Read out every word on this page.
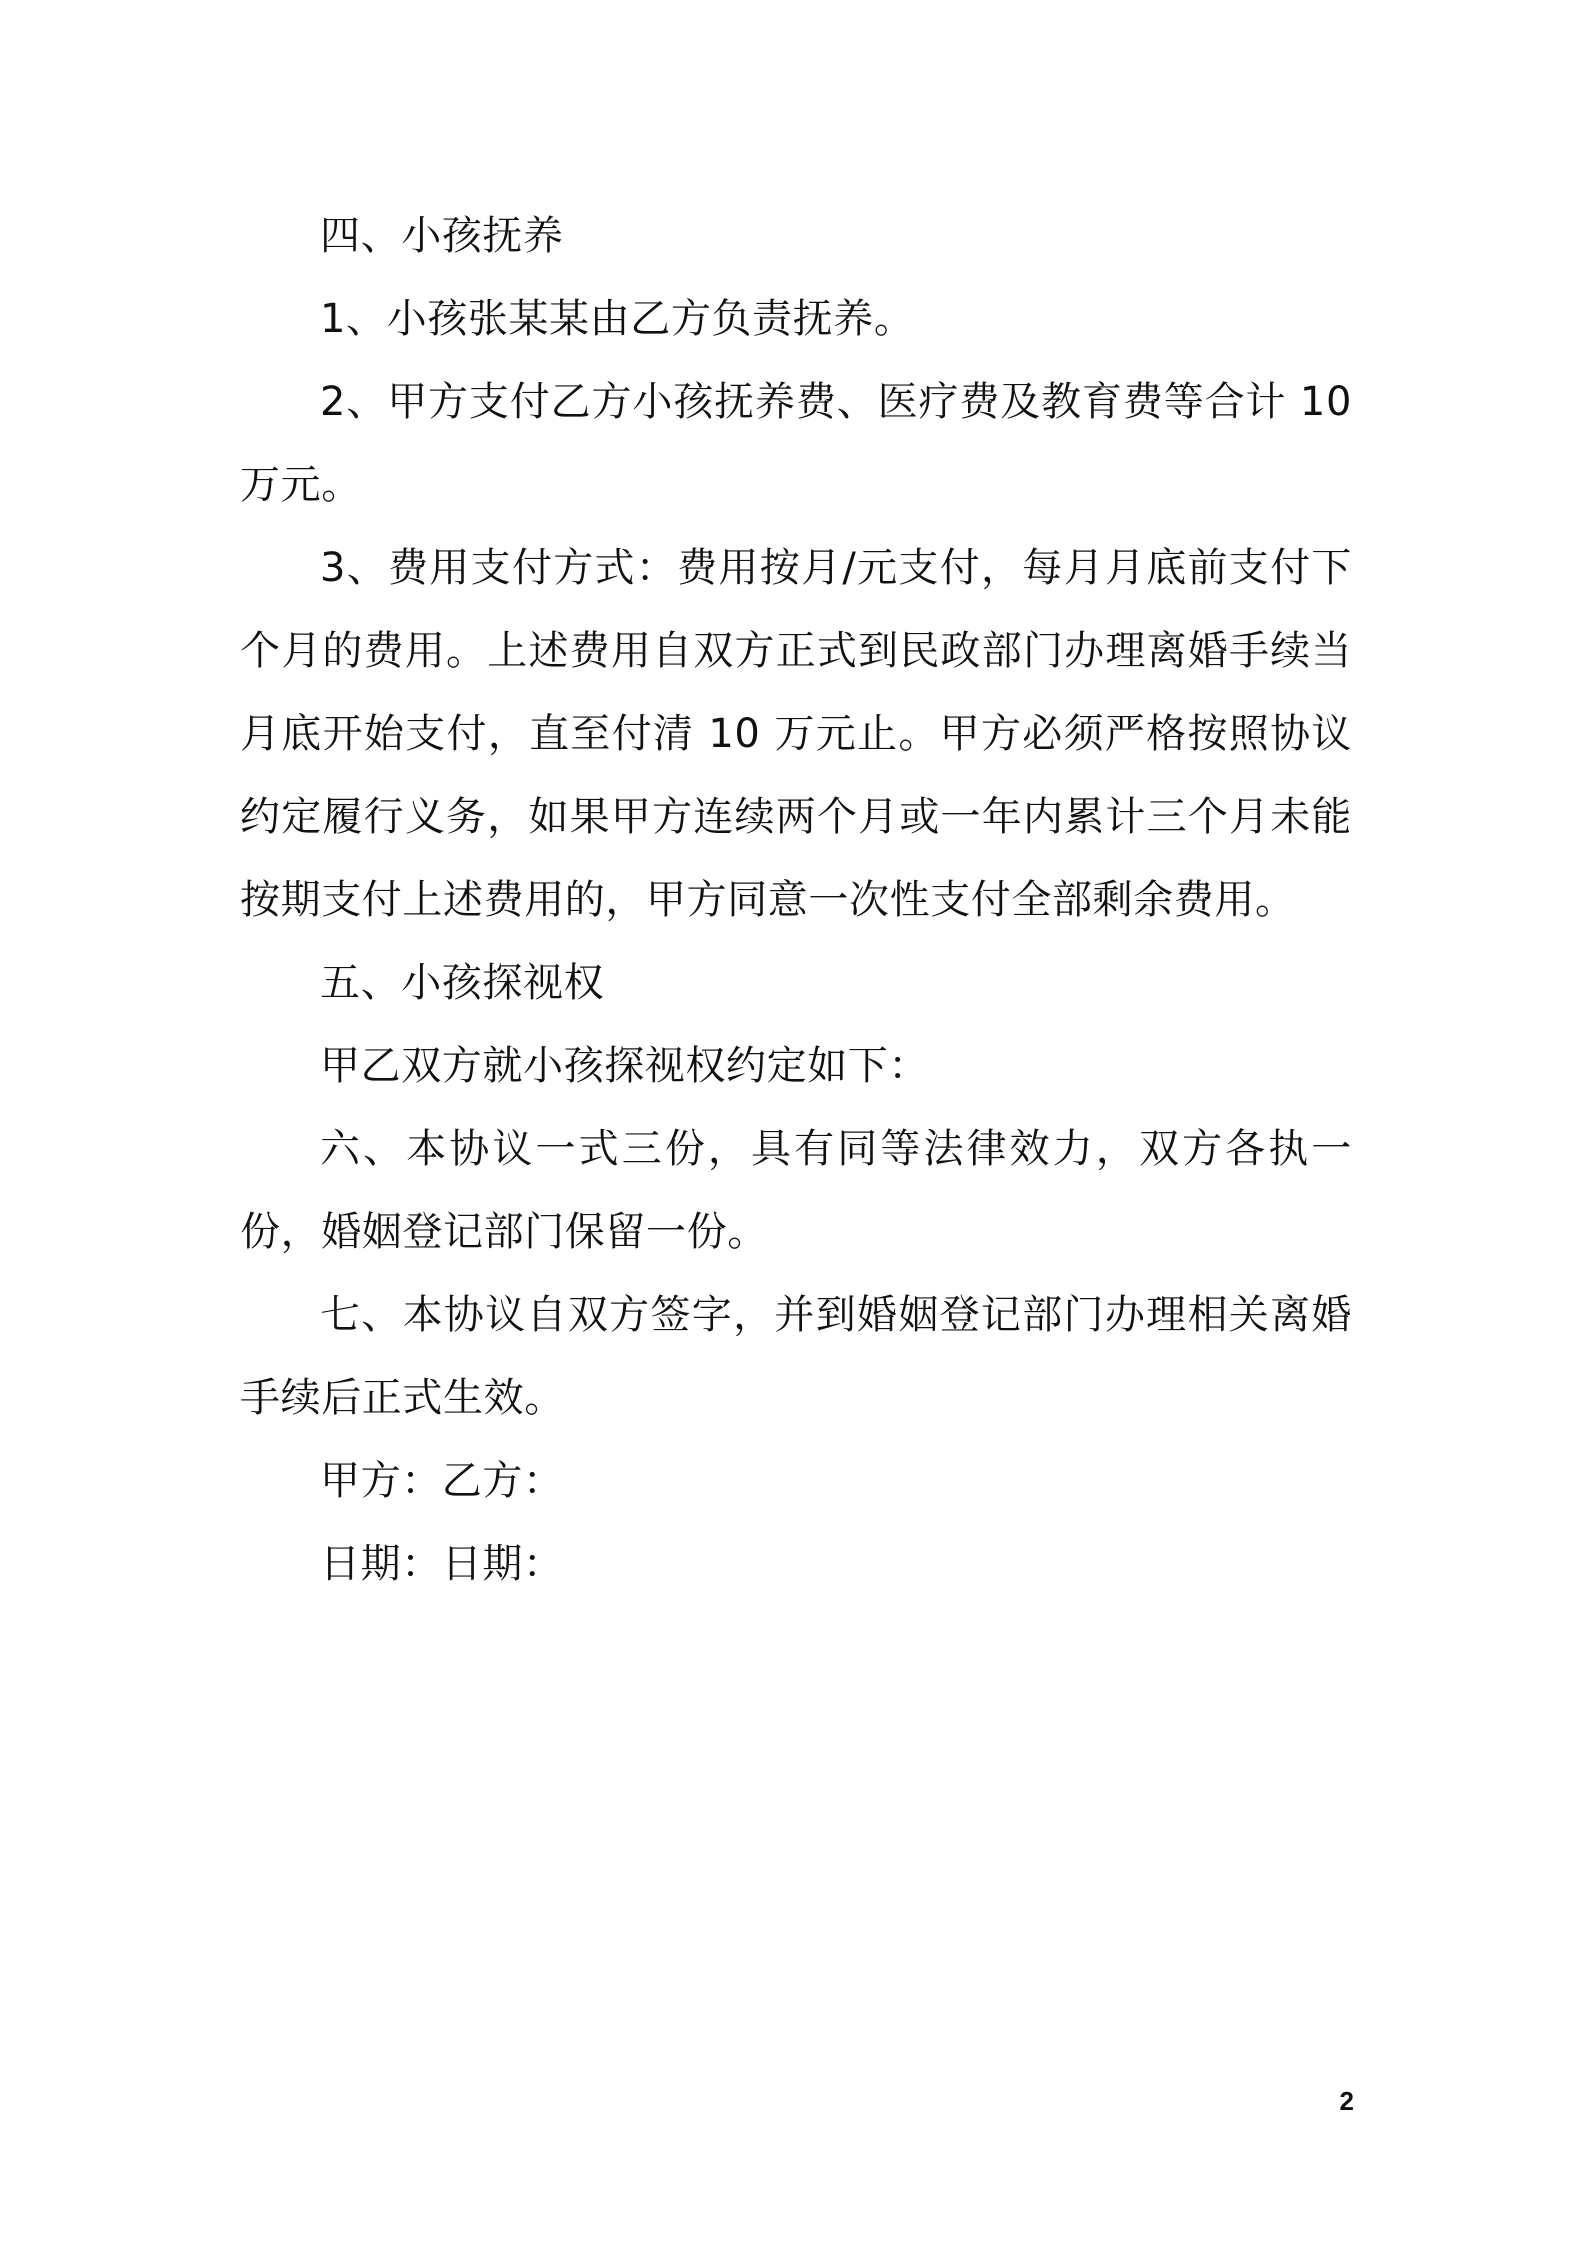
四、小孩抚养

1、小孩张某某由乙方负责抚养。

2、甲方支付乙方小孩抚养费、医疗费及教育费等合计 10 万元。

3、费用支付方式：费用按月/元支付，每月月底前支付下个月的费用。上述费用自双方正式到民政部门办理离婚手续当月底开始支付，直至付清 10 万元止。甲方必须严格按照协议约定履行义务，如果甲方连续两个月或一年内累计三个月未能按期支付上述费用的，甲方同意一次性支付全部剩余费用。

五、小孩探视权

甲乙双方就小孩探视权约定如下：

六、本协议一式三份，具有同等法律效力，双方各执一份，婚姻登记部门保留一份。

七、本协议自双方签字，并到婚姻登记部门办理相关离婚手续后正式生效。

甲方：乙方：

日期：日期：

2
